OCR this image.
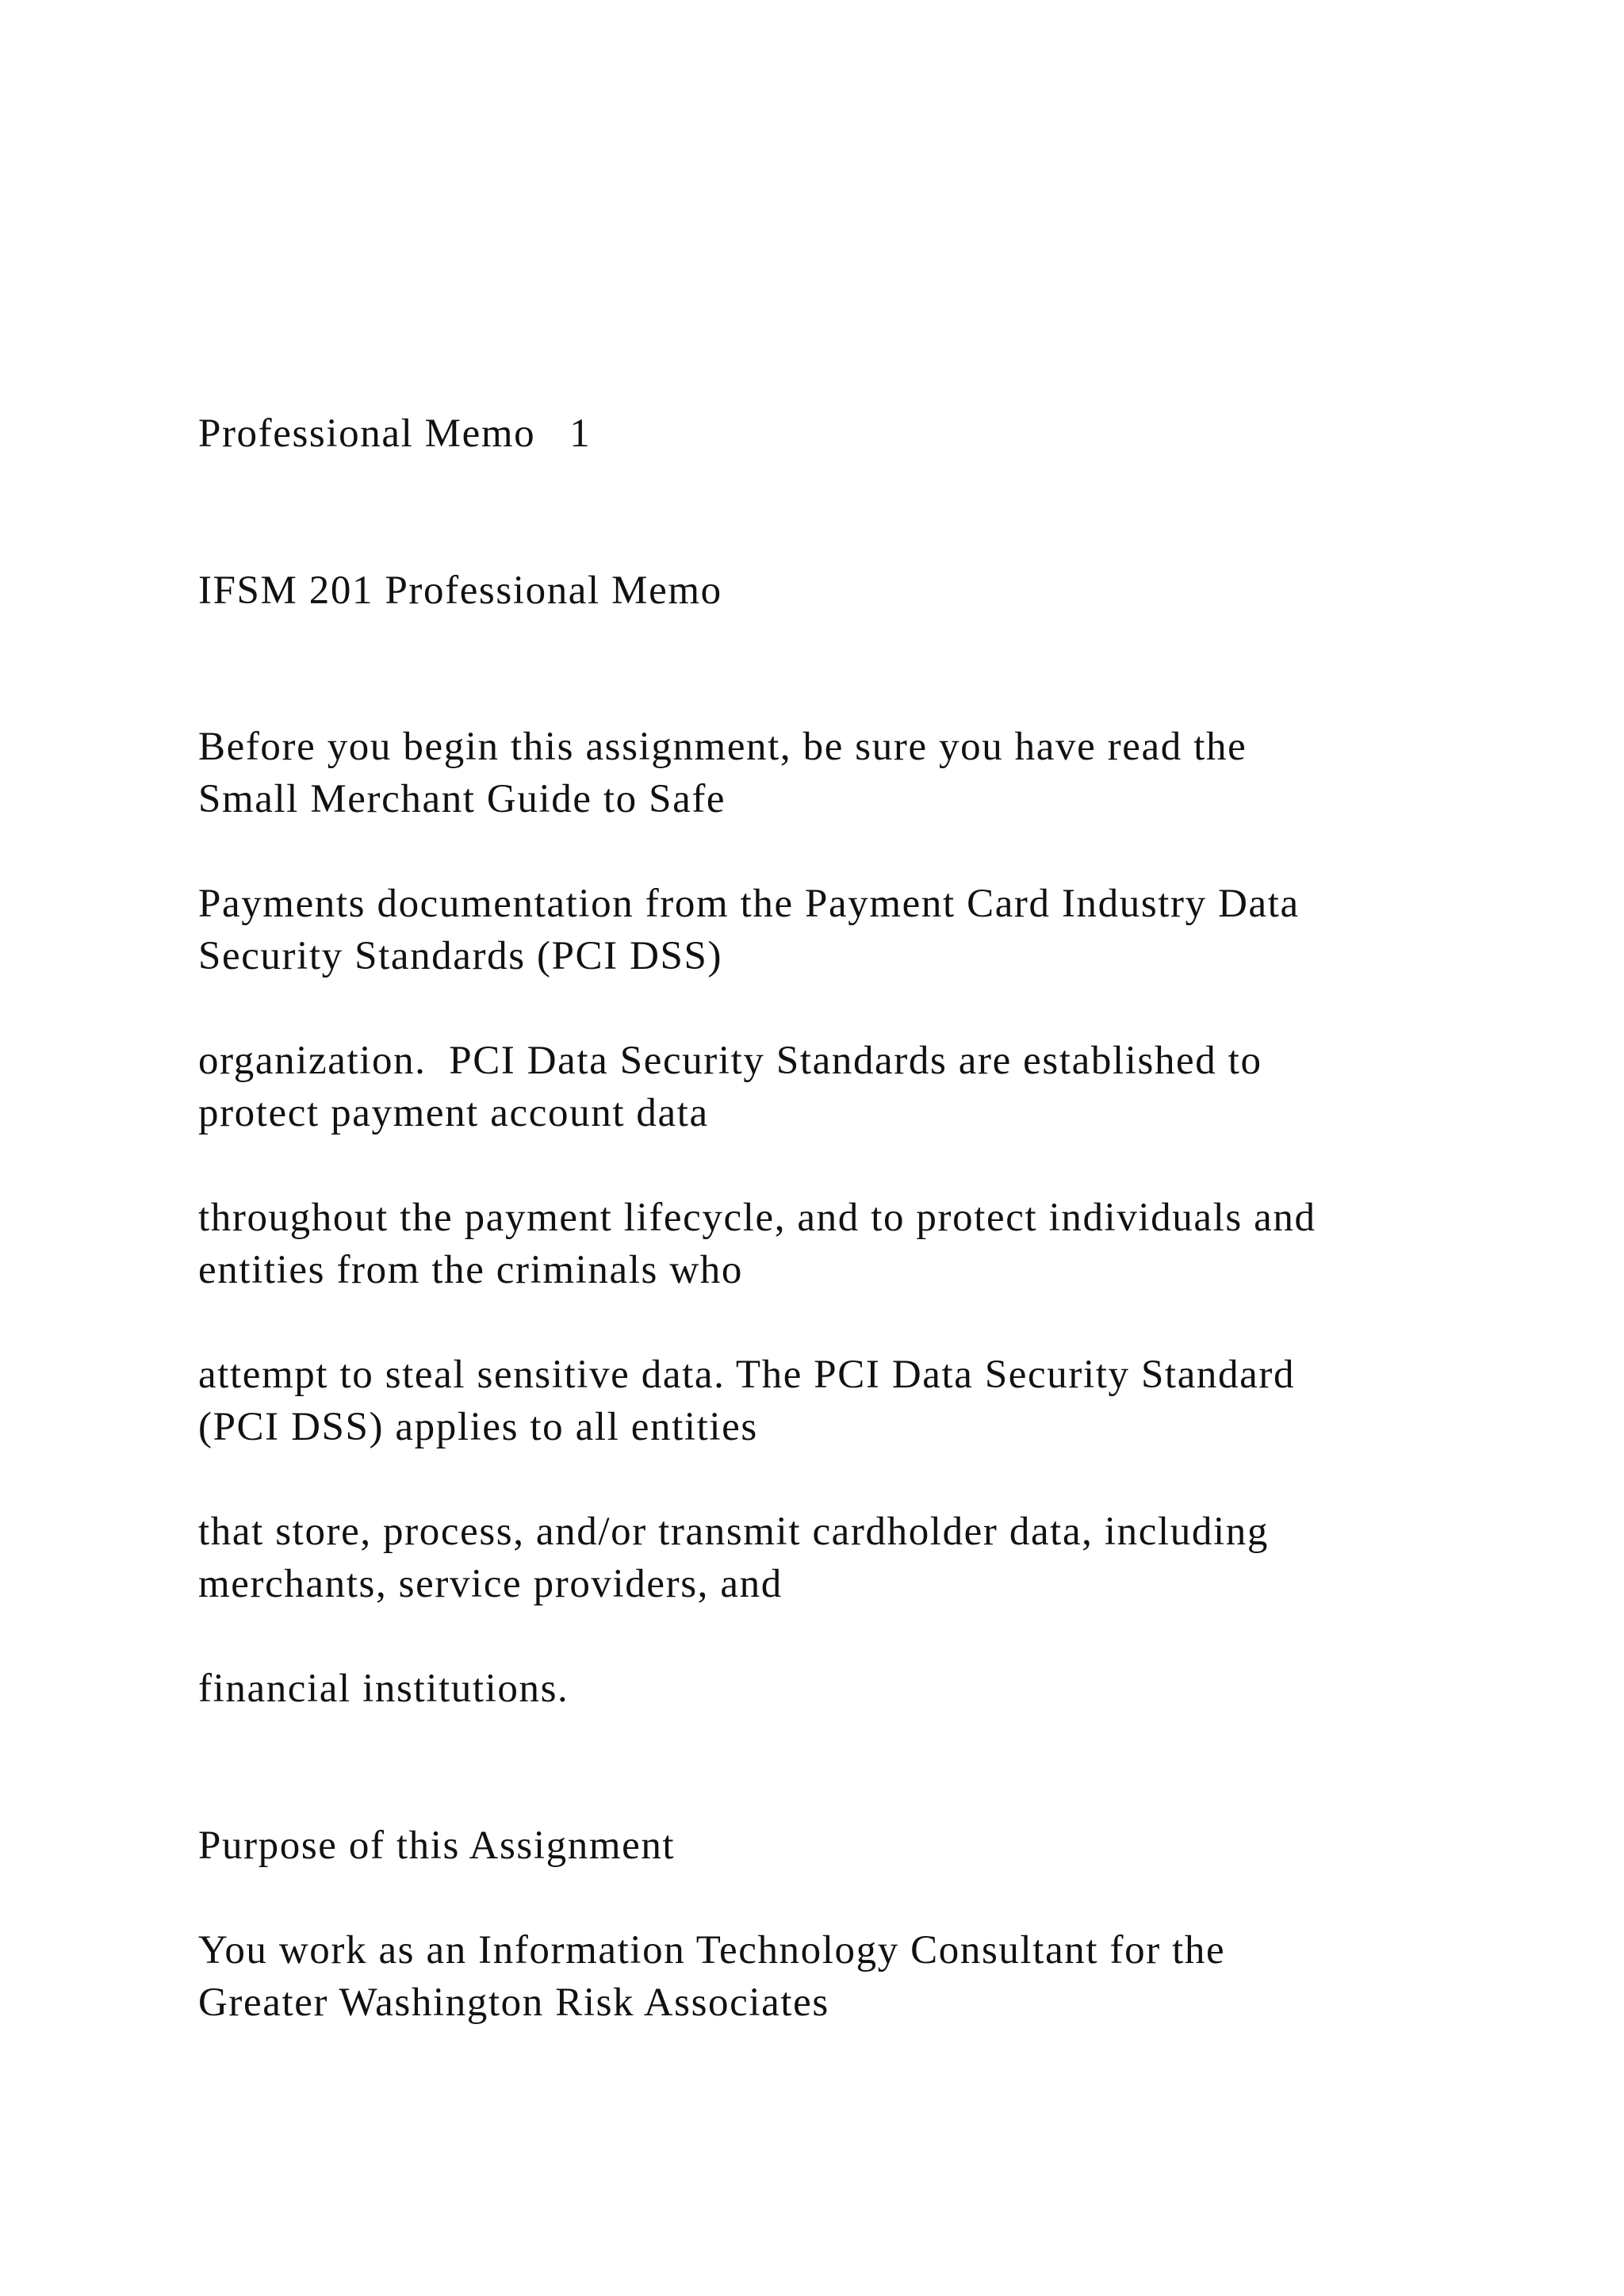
Professional Memo   1

IFSM 201 Professional Memo

Before you begin this assignment, be sure you have read the

Small Merchant Guide to Safe

Payments documentation from the Payment Card Industry Data

Security Standards (PCI DSS)

organization.  PCI Data Security Standards are established to

protect payment account data

throughout the payment lifecycle, and to protect individuals and

entities from the criminals who

attempt to steal sensitive data. The PCI Data Security Standard

(PCI DSS) applies to all entities

that store, process, and/or transmit cardholder data, including

merchants, service providers, and

financial institutions.

Purpose of this Assignment

You work as an Information Technology Consultant for the

Greater Washington Risk Associates
